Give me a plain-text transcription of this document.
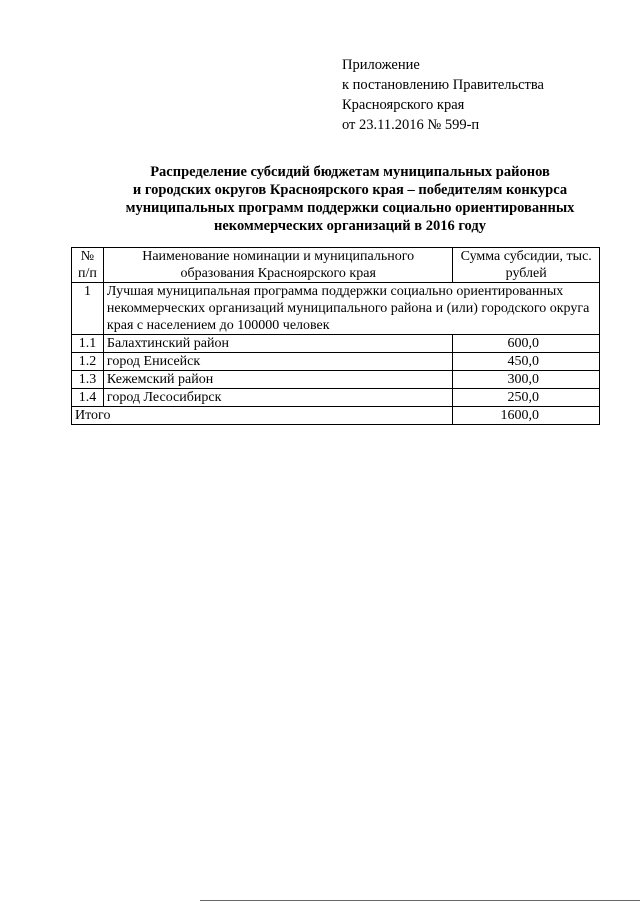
Приложение
к постановлению Правительства
Красноярского края
от 23.11.2016 № 599-п
Распределение субсидий бюджетам муниципальных районов
и городских округов Красноярского края – победителям конкурса
муниципальных программ поддержки социально ориентированных
некоммерческих организаций в 2016 году
№ п/п	Наименование номинации и муниципального образования Красноярского края	Сумма субсидии, тыс. рублей
1	Лучшая муниципальная программа поддержки социально ориентированных некоммерческих организаций муниципального района и (или) городского округа края с населением до 100000 человек	
1.1	Балахтинский район	600,0
1.2	город Енисейск	450,0
1.3	Кежемский район	300,0
1.4	город Лесосибирск	250,0
Итого		1600,0
